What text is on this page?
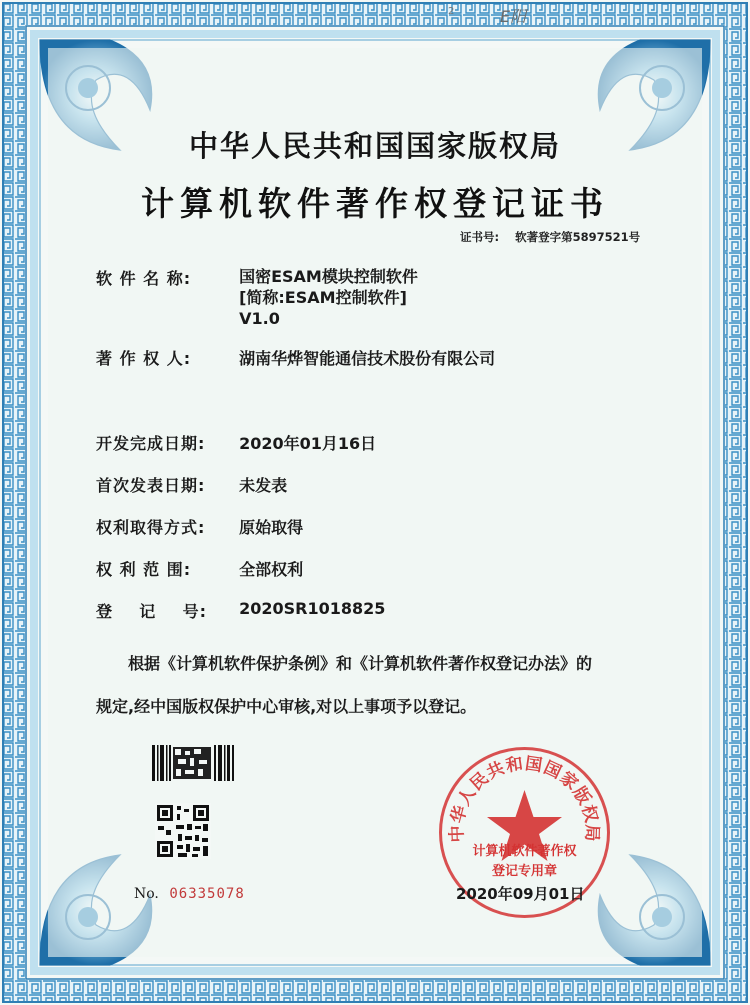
2	E阳
中华人民共和国国家版权局
计算机软件著作权登记证书
证书号: 软著登字第5897521号
软 件 名 称:	国密ESAM模块控制软件
[简称:ESAM控制软件]
V1.0
著 作 权 人:	湖南华烨智能通信技术股份有限公司
开发完成日期: 2020年01月16日
首次发表日期: 未发表
权利取得方式: 原始取得
权 利 范 围:	全部权利
登    记    号: 2020SR1018825
根据《计算机软件保护条例》和《计算机软件著作权登记办法》的
规定,经中国版权保护中心审核,对以上事项予以登记。
No. 06335078
中华人民共和国国家版权局
计算机软件著作权
登记专用章
2020年09月01日
